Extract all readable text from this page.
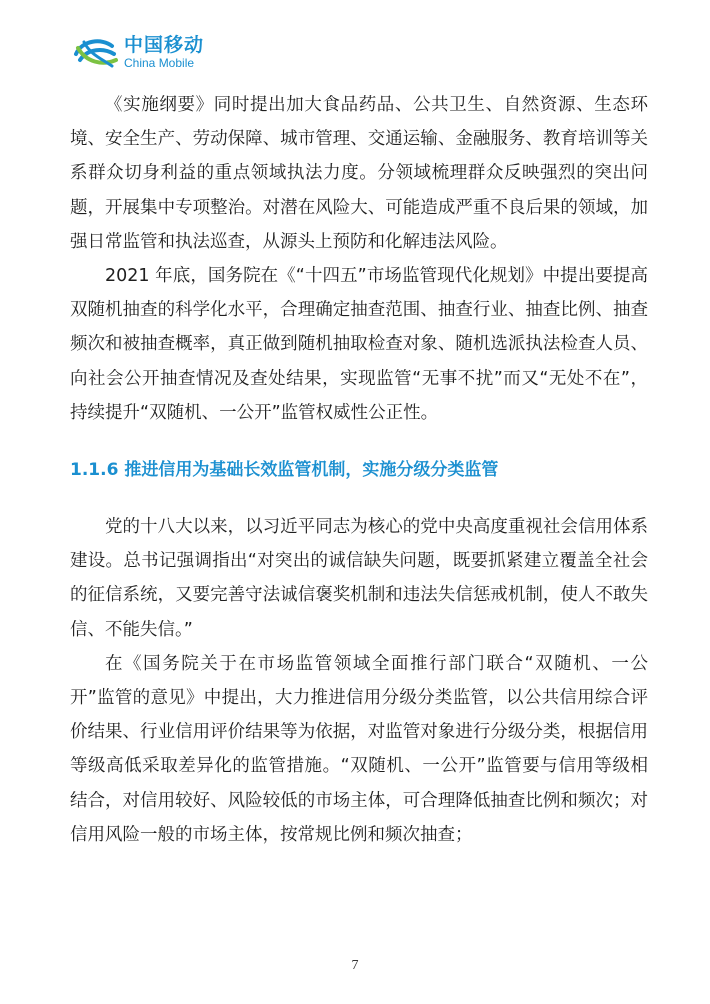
中国移动
China Mobile

《实施纲要》同时提出加大食品药品、公共卫生、自然资源、生态环境、安全生产、劳动保障、城市管理、交通运输、金融服务、教育培训等关系群众切身利益的重点领域执法力度。分领域梳理群众反映强烈的突出问题，开展集中专项整治。对潜在风险大、可能造成严重不良后果的领域，加强日常监管和执法巡查，从源头上预防和化解违法风险。

2021 年底，国务院在《“十四五”市场监管现代化规划》中提出要提高双随机抽查的科学化水平，合理确定抽查范围、抽查行业、抽查比例、抽查频次和被抽查概率，真正做到随机抽取检查对象、随机选派执法检查人员、向社会公开抽查情况及查处结果，实现监管“无事不扰”而又“无处不在”，持续提升“双随机、一公开”监管权威性公正性。

1.1.6 推进信用为基础长效监管机制，实施分级分类监管

党的十八大以来，以习近平同志为核心的党中央高度重视社会信用体系建设。总书记强调指出“对突出的诚信缺失问题，既要抓紧建立覆盖全社会的征信系统，又要完善守法诚信褒奖机制和违法失信惩戒机制，使人不敢失信、不能失信。”

在《国务院关于在市场监管领域全面推行部门联合“双随机、一公开”监管的意见》中提出，大力推进信用分级分类监管，以公共信用综合评价结果、行业信用评价结果等为依据，对监管对象进行分级分类，根据信用等级高低采取差异化的监管措施。“双随机、一公开”监管要与信用等级相结合，对信用较好、风险较低的市场主体，可合理降低抽查比例和频次；对信用风险一般的市场主体，按常规比例和频次抽查；

7
